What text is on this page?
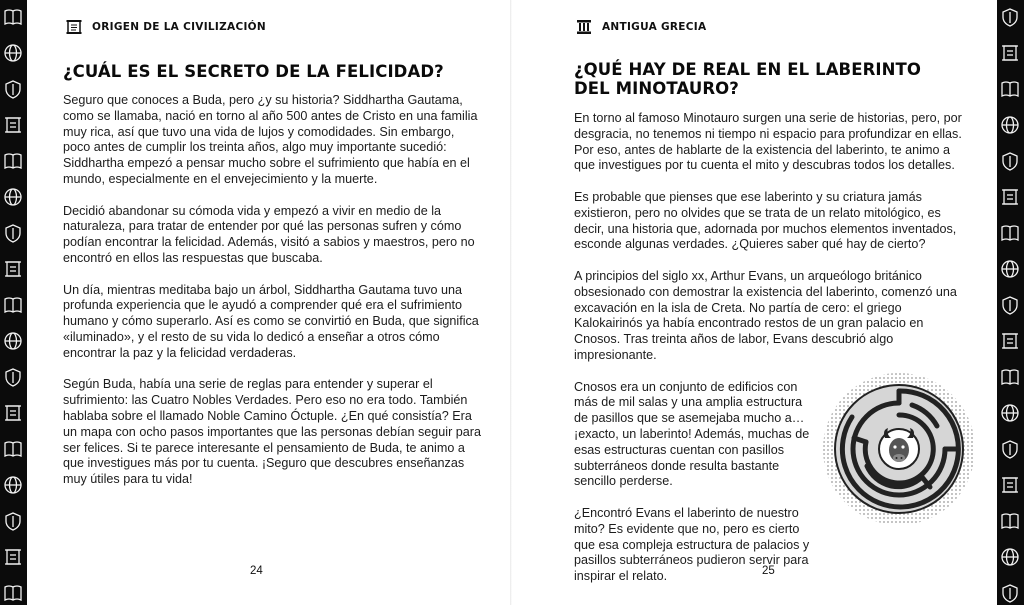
ORIGEN DE LA CIVILIZACIÓN
¿CUÁL ES EL SECRETO DE LA FELICIDAD?

Seguro que conoces a Buda, pero ¿y su historia? Siddhartha Gautama, como se llamaba, nació en torno al año 500 antes de Cristo en una familia muy rica, así que tuvo una vida de lujos y comodidades. Sin embargo, poco antes de cumplir los treinta años, algo muy importante sucedió: Siddhartha empezó a pensar mucho sobre el sufrimiento que había en el mundo, especialmente en el envejecimiento y la muerte.

Decidió abandonar su cómoda vida y empezó a vivir en medio de la naturaleza, para tratar de entender por qué las personas sufren y cómo podían encontrar la felicidad. Además, visitó a sabios y maestros, pero no encontró en ellos las respuestas que buscaba.

Un día, mientras meditaba bajo un árbol, Siddhartha Gautama tuvo una profunda experiencia que le ayudó a comprender qué era el sufrimiento humano y cómo superarlo. Así es como se convirtió en Buda, que significa «iluminado», y el resto de su vida lo dedicó a enseñar a otros cómo encontrar la paz y la felicidad verdaderas.

Según Buda, había una serie de reglas para entender y superar el sufrimiento: las Cuatro Nobles Verdades. Pero eso no era todo. También hablaba sobre el llamado Noble Camino Óctuple. ¿En qué consistía? Era un mapa con ocho pasos importantes que las personas debían seguir para ser felices. Si te parece interesante el pensamiento de Buda, te animo a que investigues más por tu cuenta. ¡Seguro que descubres enseñanzas muy útiles para tu vida!

24
ANTIGUA GRECIA
¿QUÉ HAY DE REAL EN EL LABERINTO
DEL MINOTAURO?

En torno al famoso Minotauro surgen una serie de historias, pero, por desgracia, no tenemos ni tiempo ni espacio para profundizar en ellas. Por eso, antes de hablarte de la existencia del laberinto, te animo a que investigues por tu cuenta el mito y descubras todos los detalles.

Es probable que pienses que ese laberinto y su criatura jamás existieron, pero no olvides que se trata de un relato mitológico, es decir, una historia que, adornada por muchos elementos inventados, esconde algunas verdades. ¿Quieres saber qué hay de cierto?

A principios del siglo xx, Arthur Evans, un arqueólogo británico obsesionado con demostrar la existencia del laberinto, comenzó una excavación en la isla de Creta. No partía de cero: el griego Kalokairinós ya había encontrado restos de un gran palacio en Cnosos. Tras treinta años de labor, Evans descubrió algo impresionante.

Cnosos era un conjunto de edificios con más de mil salas y una amplia estructura de pasillos que se asemejaba mucho a… ¡exacto, un laberinto! Además, muchas de esas estructuras cuentan con pasillos subterráneos donde resulta bastante sencillo perderse.

¿Encontró Evans el laberinto de nuestro mito? Es evidente que no, pero es cierto que esa compleja estructura de palacios y pasillos subterráneos pudieron servir para inspirar el relato.	25
